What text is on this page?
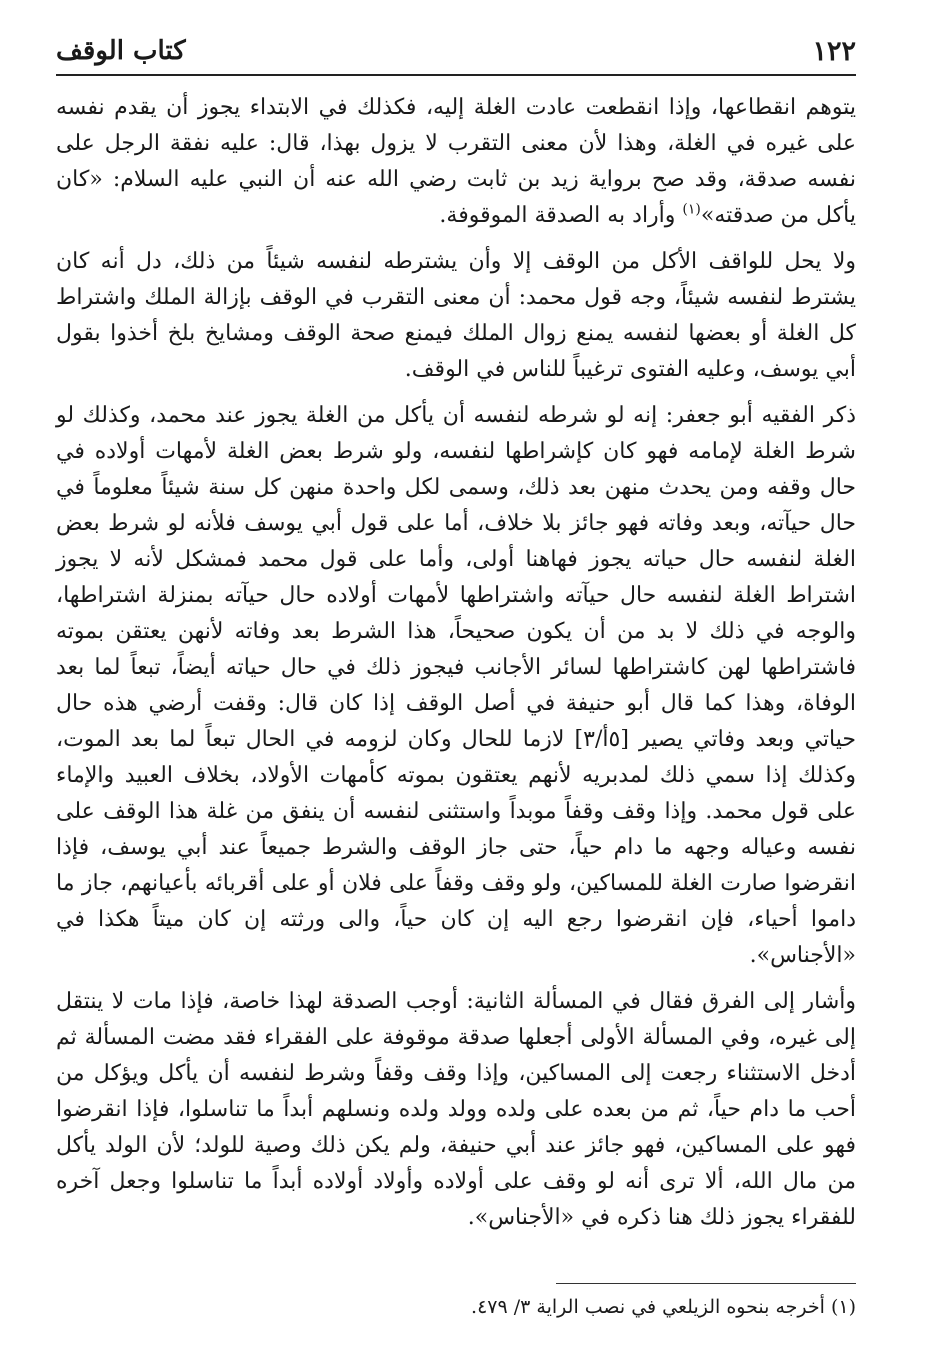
١٢٢
كتاب الوقف

يتوهم انقطاعها، وإذا انقطعت عادت الغلة إليه، فكذلك في الابتداء يجوز أن يقدم نفسه على غيره في الغلة، وهذا لأن معنى التقرب لا يزول بهذا، قال: عليه نفقة الرجل على نفسه صدقة، وقد صح برواية زيد بن ثابت رضي الله عنه أن النبي عليه السلام: «كان يأكل من صدقته»$^{(١)}$ وأراد به الصدقة الموقوفة.

ولا يحل للواقف الأكل من الوقف إلا وأن يشترطه لنفسه شيئاً من ذلك، دل أنه كان يشترط لنفسه شيئاً، وجه قول محمد: أن معنى التقرب في الوقف بإزالة الملك واشتراط كل الغلة أو بعضها لنفسه يمنع زوال الملك فيمنع صحة الوقف ومشايخ بلخ أخذوا بقول أبي يوسف، وعليه الفتوى ترغيباً للناس في الوقف.

ذكر الفقيه أبو جعفر: إنه لو شرطه لنفسه أن يأكل من الغلة يجوز عند محمد، وكذلك لو شرط الغلة لإمامه فهو كان كإشراطها لنفسه، ولو شرط بعض الغلة لأمهات أولاده في حال وقفه ومن يحدث منهن بعد ذلك، وسمى لكل واحدة منهن كل سنة شيئاً معلوماً في حال حيآته، وبعد وفاته فهو جائز بلا خلاف، أما على قول أبي يوسف فلأنه لو شرط بعض الغلة لنفسه حال حياته يجوز فهاهنا أولى، وأما على قول محمد فمشكل لأنه لا يجوز اشتراط الغلة لنفسه حال حيآته واشتراطها لأمهات أولاده حال حيآته بمنزلة اشتراطها، والوجه في ذلك لا بد من أن يكون صحيحاً، هذا الشرط بعد وفاته لأنهن يعتقن بموته فاشتراطها لهن كاشتراطها لسائر الأجانب فيجوز ذلك في حال حياته أيضاً، تبعاً لما بعد الوفاة، وهذا كما قال أبو حنيفة في أصل الوقف إذا كان قال: وقفت أرضي هذه حال حياتي وبعد وفاتي يصير [٥أ/٣] لازما للحال وكان لزومه في الحال تبعاً لما بعد الموت، وكذلك إذا سمي ذلك لمدبريه لأنهم يعتقون بموته كأمهات الأولاد، بخلاف العبيد والإماء على قول محمد. وإذا وقف وقفاً موبداً واستثنى لنفسه أن ينفق من غلة هذا الوقف على نفسه وعياله وجهه ما دام حياً، حتى جاز الوقف والشرط جميعاً عند أبي يوسف، فإذا انقرضوا صارت الغلة للمساكين، ولو وقف وقفاً على فلان أو على أقربائه بأعيانهم، جاز ما داموا أحياء، فإن انقرضوا رجع اليه إن كان حياً، والى ورثته إن كان ميتاً هكذا في «الأجناس».

وأشار إلى الفرق فقال في المسألة الثانية: أوجب الصدقة لهذا خاصة، فإذا مات لا ينتقل إلى غيره، وفي المسألة الأولى أجعلها صدقة موقوفة على الفقراء فقد مضت المسألة ثم أدخل الاستثناء رجعت إلى المساكين، وإذا وقف وقفاً وشرط لنفسه أن يأكل ويؤكل من أحب ما دام حياً، ثم من بعده على ولده وولد ولده ونسلهم أبداً ما تناسلوا، فإذا انقرضوا فهو على المساكين، فهو جائز عند أبي حنيفة، ولم يكن ذلك وصية للولد؛ لأن الولد يأكل من مال الله، ألا ترى أنه لو وقف على أولاده وأولاد أولاده أبداً ما تناسلوا وجعل آخره للفقراء يجوز ذلك هنا ذكره في «الأجناس».

(١) أخرجه بنحوه الزيلعي في نصب الراية ٣/ ٤٧٩.
